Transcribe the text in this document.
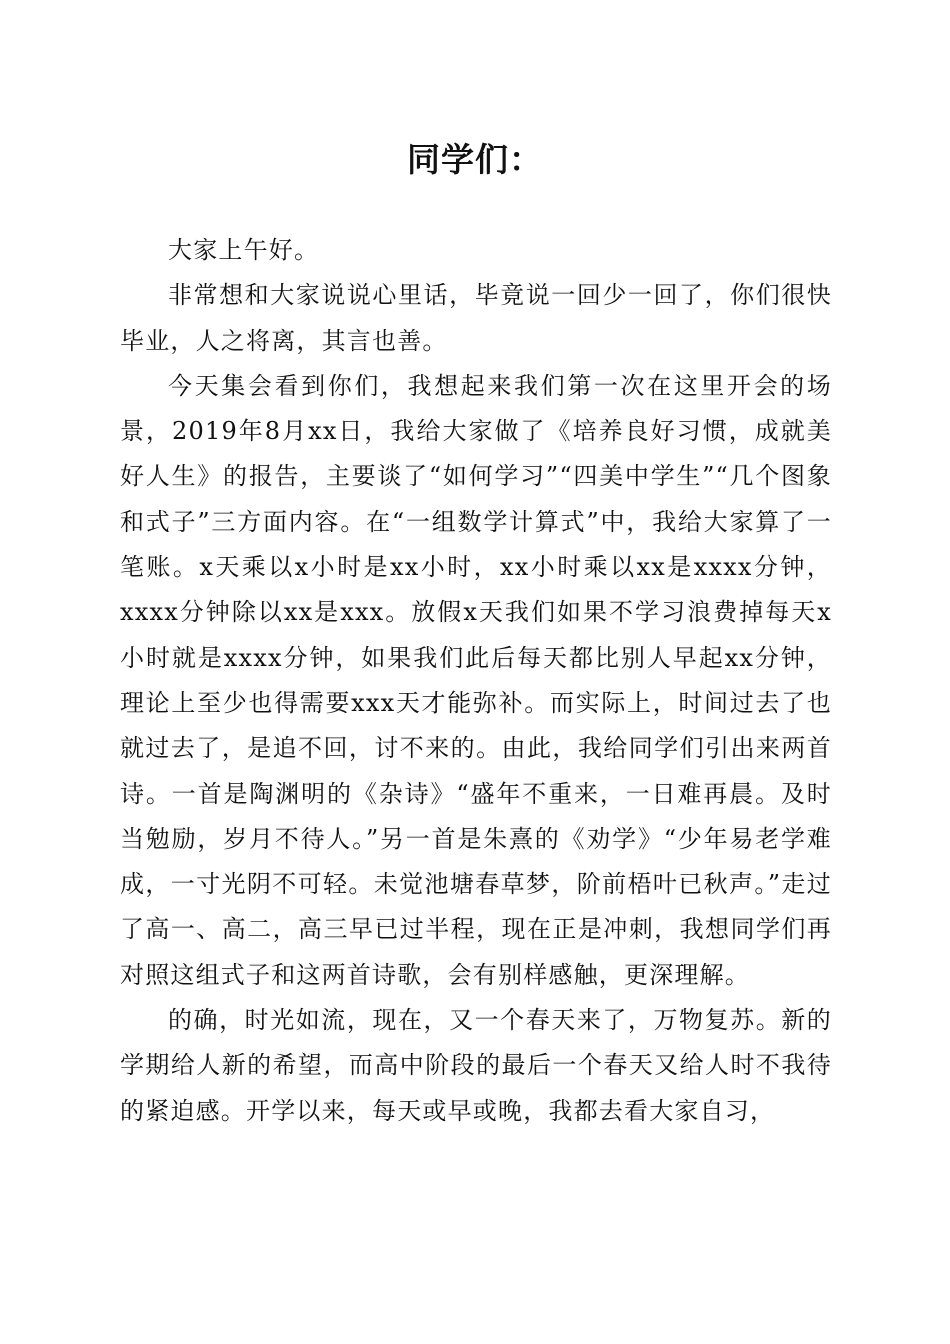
同学们：

大家上午好。

非常想和大家说说心里话，毕竟说一回少一回了，你们很快毕业，人之将离，其言也善。

今天集会看到你们，我想起来我们第一次在这里开会的场景，2019年8月xx日，我给大家做了《培养良好习惯，成就美好人生》的报告，主要谈了“如何学习”“四美中学生”“几个图象和式子”三方面内容。在“一组数学计算式”中，我给大家算了一笔账。x天乘以x小时是xx小时，xx小时乘以xx是xxxx分钟，xxxx分钟除以xx是xxx。放假x天我们如果不学习浪费掉每天x小时就是xxxx分钟，如果我们此后每天都比别人早起xx分钟，理论上至少也得需要xxx天才能弥补。而实际上，时间过去了也就过去了，是追不回，讨不来的。由此，我给同学们引出来两首诗。一首是陶渊明的《杂诗》“盛年不重来，一日难再晨。及时当勉励，岁月不待人。”另一首是朱熹的《劝学》“少年易老学难成，一寸光阴不可轻。未觉池塘春草梦，阶前梧叶已秋声。”走过了高一、高二，高三早已过半程，现在正是冲刺，我想同学们再对照这组式子和这两首诗歌，会有别样感触，更深理解。

的确，时光如流，现在，又一个春天来了，万物复苏。新的学期给人新的希望，而高中阶段的最后一个春天又给人时不我待的紧迫感。开学以来，每天或早或晚，我都去看大家自习，
